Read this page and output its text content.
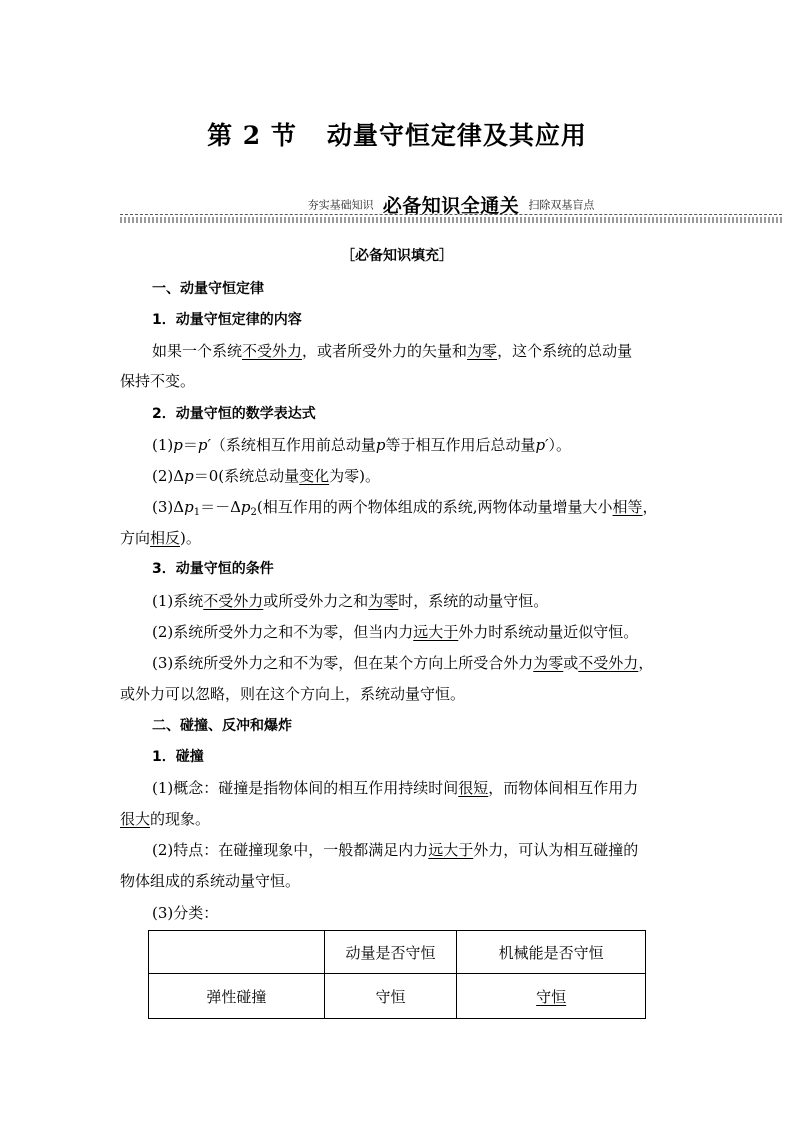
第 2 节 动量守恒定律及其应用
夯实基础知识 必备知识全通关 扫除双基盲点
［必备知识填充］
一、动量守恒定律
1．动量守恒定律的内容
如果一个系统不受外力，或者所受外力的矢量和为零，这个系统的总动量
保持不变。
2．动量守恒的数学表达式
(1)p＝p′（系统相互作用前总动量p等于相互作用后总动量p′）。
(2)Δp＝0(系统总动量变化为零)。
$(3)\Delta p_1=-\Delta p_2$(相互作用的两个物体组成的系统,两物体动量增量大小相等，
方向相反)。
3．动量守恒的条件
(1)系统不受外力或所受外力之和为零时，系统的动量守恒。
(2)系统所受外力之和不为零，但当内力远大于外力时系统动量近似守恒。
(3)系统所受外力之和不为零，但在某个方向上所受合外力为零或不受外力，
或外力可以忽略，则在这个方向上，系统动量守恒。
二、碰撞、反冲和爆炸
1．碰撞
(1)概念：碰撞是指物体间的相互作用持续时间很短，而物体间相互作用力
很大的现象。
(2)特点：在碰撞现象中，一般都满足内力远大于外力，可认为相互碰撞的
物体组成的系统动量守恒。
(3)分类：
	动量是否守恒	机械能是否守恒
弹性碰撞	守恒	守恒
